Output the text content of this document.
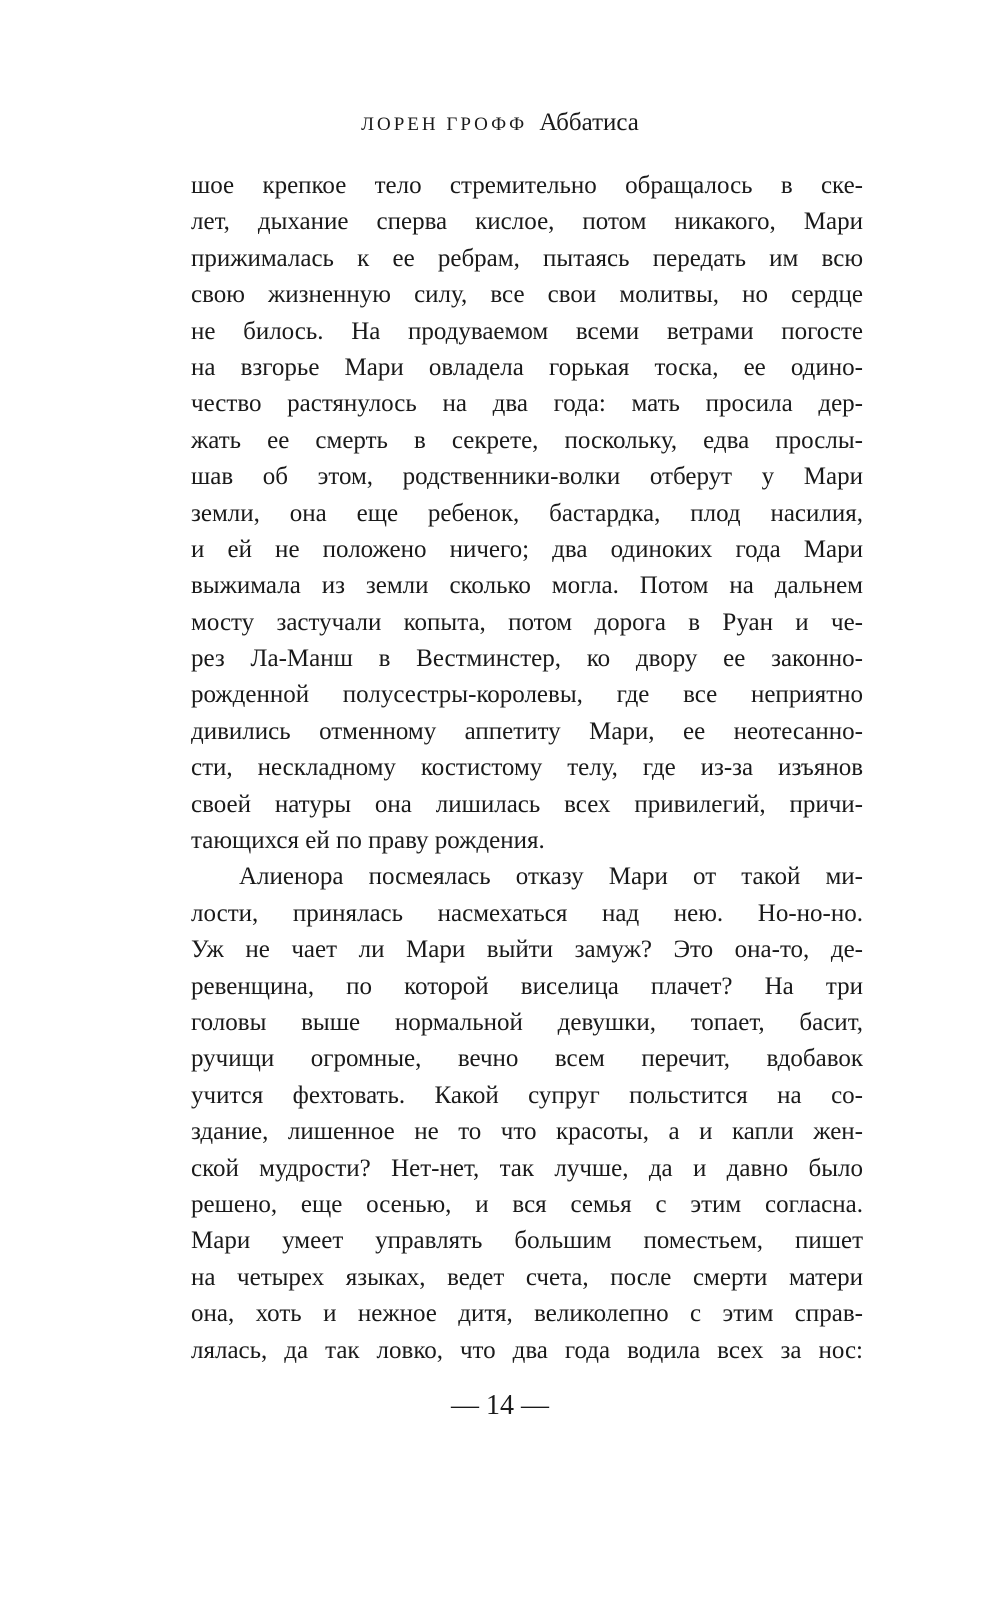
ЛОРЕН ГРОФФ Аббатиса
шое крепкое тело стремительно обращалось в ске-
лет, дыхание сперва кислое, потом никакого, Мари
прижималась к ее ребрам, пытаясь передать им всю
свою жизненную силу, все свои молитвы, но сердце
не билось. На продуваемом всеми ветрами погосте
на взгорье Мари овладела горькая тоска, ее одино-
чество растянулось на два года: мать просила дер-
жать ее смерть в секрете, поскольку, едва прослы-
шав об этом, родственники-волки отберут у Мари
земли, она еще ребенок, бастардка, плод насилия,
и ей не положено ничего; два одиноких года Мари
выжимала из земли сколько могла. Потом на дальнем
мосту застучали копыта, потом дорога в Руан и че-
рез Ла-Манш в Вестминстер, ко двору ее законно-
рожденной полусестры-королевы, где все неприятно
дивились отменному аппетиту Мари, ее неотесанно-
сти, нескладному костистому телу, где из-за изъянов
своей натуры она лишилась всех привилегий, причи-
тающихся ей по праву рождения.
Алиенора посмеялась отказу Мари от такой ми-
лости, принялась насмехаться над нею. Но-но-но.
Уж не чает ли Мари выйти замуж? Это она-то, де-
ревенщина, по которой виселица плачет? На три
головы выше нормальной девушки, топает, басит,
ручищи огромные, вечно всем перечит, вдобавок
учится фехтовать. Какой супруг польстится на со-
здание, лишенное не то что красоты, а и капли жен-
ской мудрости? Нет-нет, так лучше, да и давно было
решено, еще осенью, и вся семья с этим согласна.
Мари умеет управлять большим поместьем, пишет
на четырех языках, ведет счета, после смерти матери
она, хоть и нежное дитя, великолепно с этим справ-
лялась, да так ловко, что два года водила всех за нос:
— 14 —
